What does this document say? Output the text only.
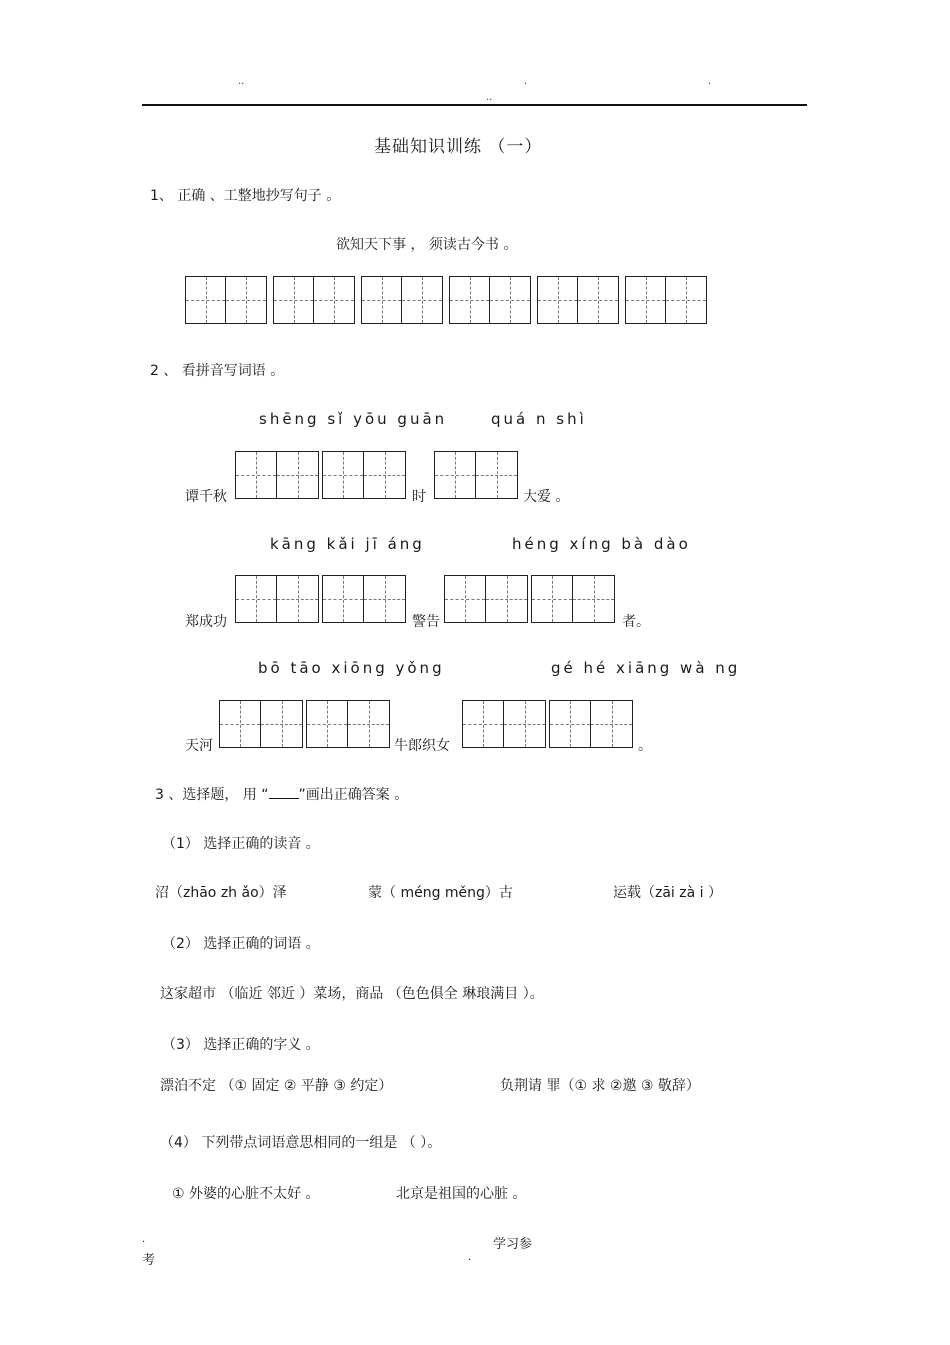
..	.	.
..
基础知识训练 （一）
1、 正确 、工整地抄写句子 。
欲知天下事 ， 须读古今书 。
2 、 看拼音写词语 。
shēng sǐ yōu guān	quá n shì
谭千秋	时	大爱 。
kāng kǎi jī áng	héng xíng bà dào
郑成功	警告	者。
bō tāo xiōng yǒng	gé hé xiāng wà ng
天河	牛郎织女	。
3 、选择题， 用 “ ”画出正确答案 。
（1） 选择正确的读音 。
沼（zhāo zh ǎo）泽	蒙（ méng měng）古	运载（zāi zà i ）
（2） 选择正确的词语 。
这家超市 （临近 邻近 ）菜场，商品 （色色俱全 琳琅满目 ）。
（3） 选择正确的字义 。
漂泊不定 （① 固定 ② 平静 ③ 约定）	负荆请 罪（① 求 ②邀 ③ 敬辞）
（4） 下列带点词语意思相同的一组是 （ ）。
① 外婆的心脏不太好 。	北京是祖国的心脏 。
.	学习参
考	.
